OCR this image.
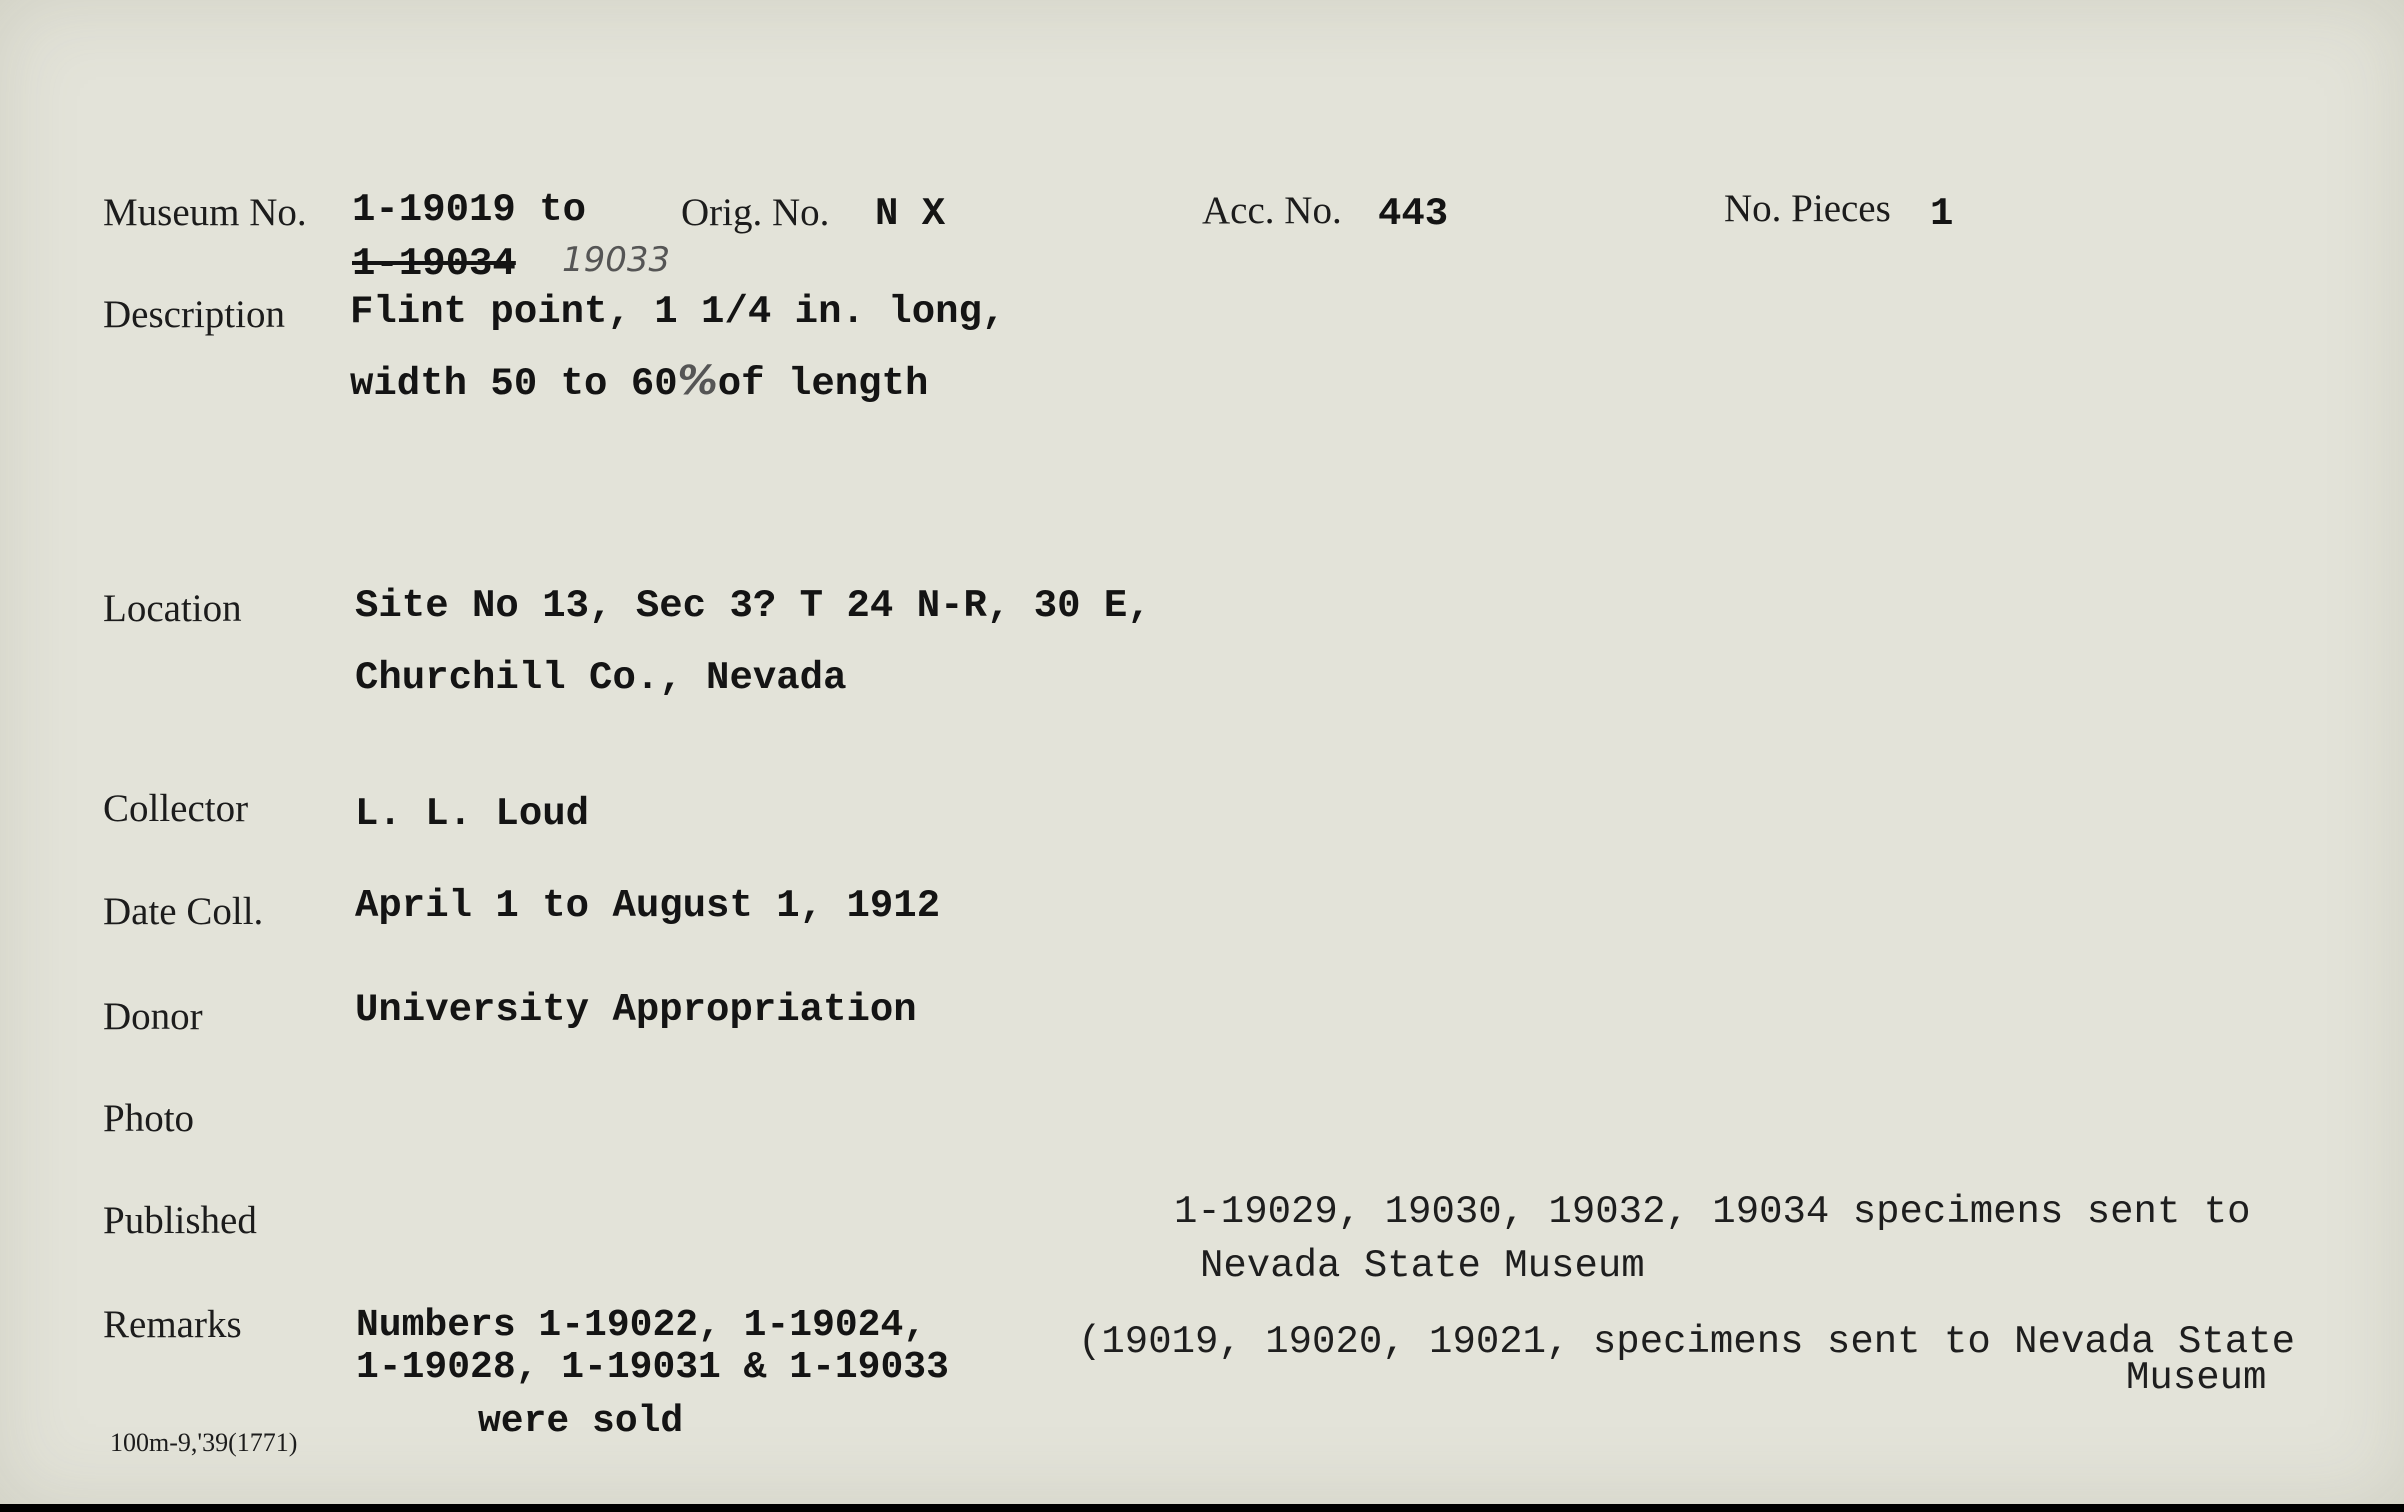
Museum No. 1-19019 to
1-19034 19033
Orig. No. N X	Acc. No. 443	No. Pieces 1
Description Flint point, 1 1/4 in. long,
width 50 to 60%of length
Location	Site No 13, Sec 3? T 24 N-R, 30 E,
Churchill Co., Nevada
Collector	L. L. Loud
Date Coll. April 1 to August 1, 1912
Donor	University Appropriation
Photo
Published	1-19029, 19030, 19032, 19034 specimens sent to
Nevada State Museum
Remarks	Numbers 1-19022, 1-19024,
1-19028, 1-19031 & 1-19033
were sold
(19019, 19020, 19021, specimens sent to Nevada State
Museum
100m-9,'39(1771)
